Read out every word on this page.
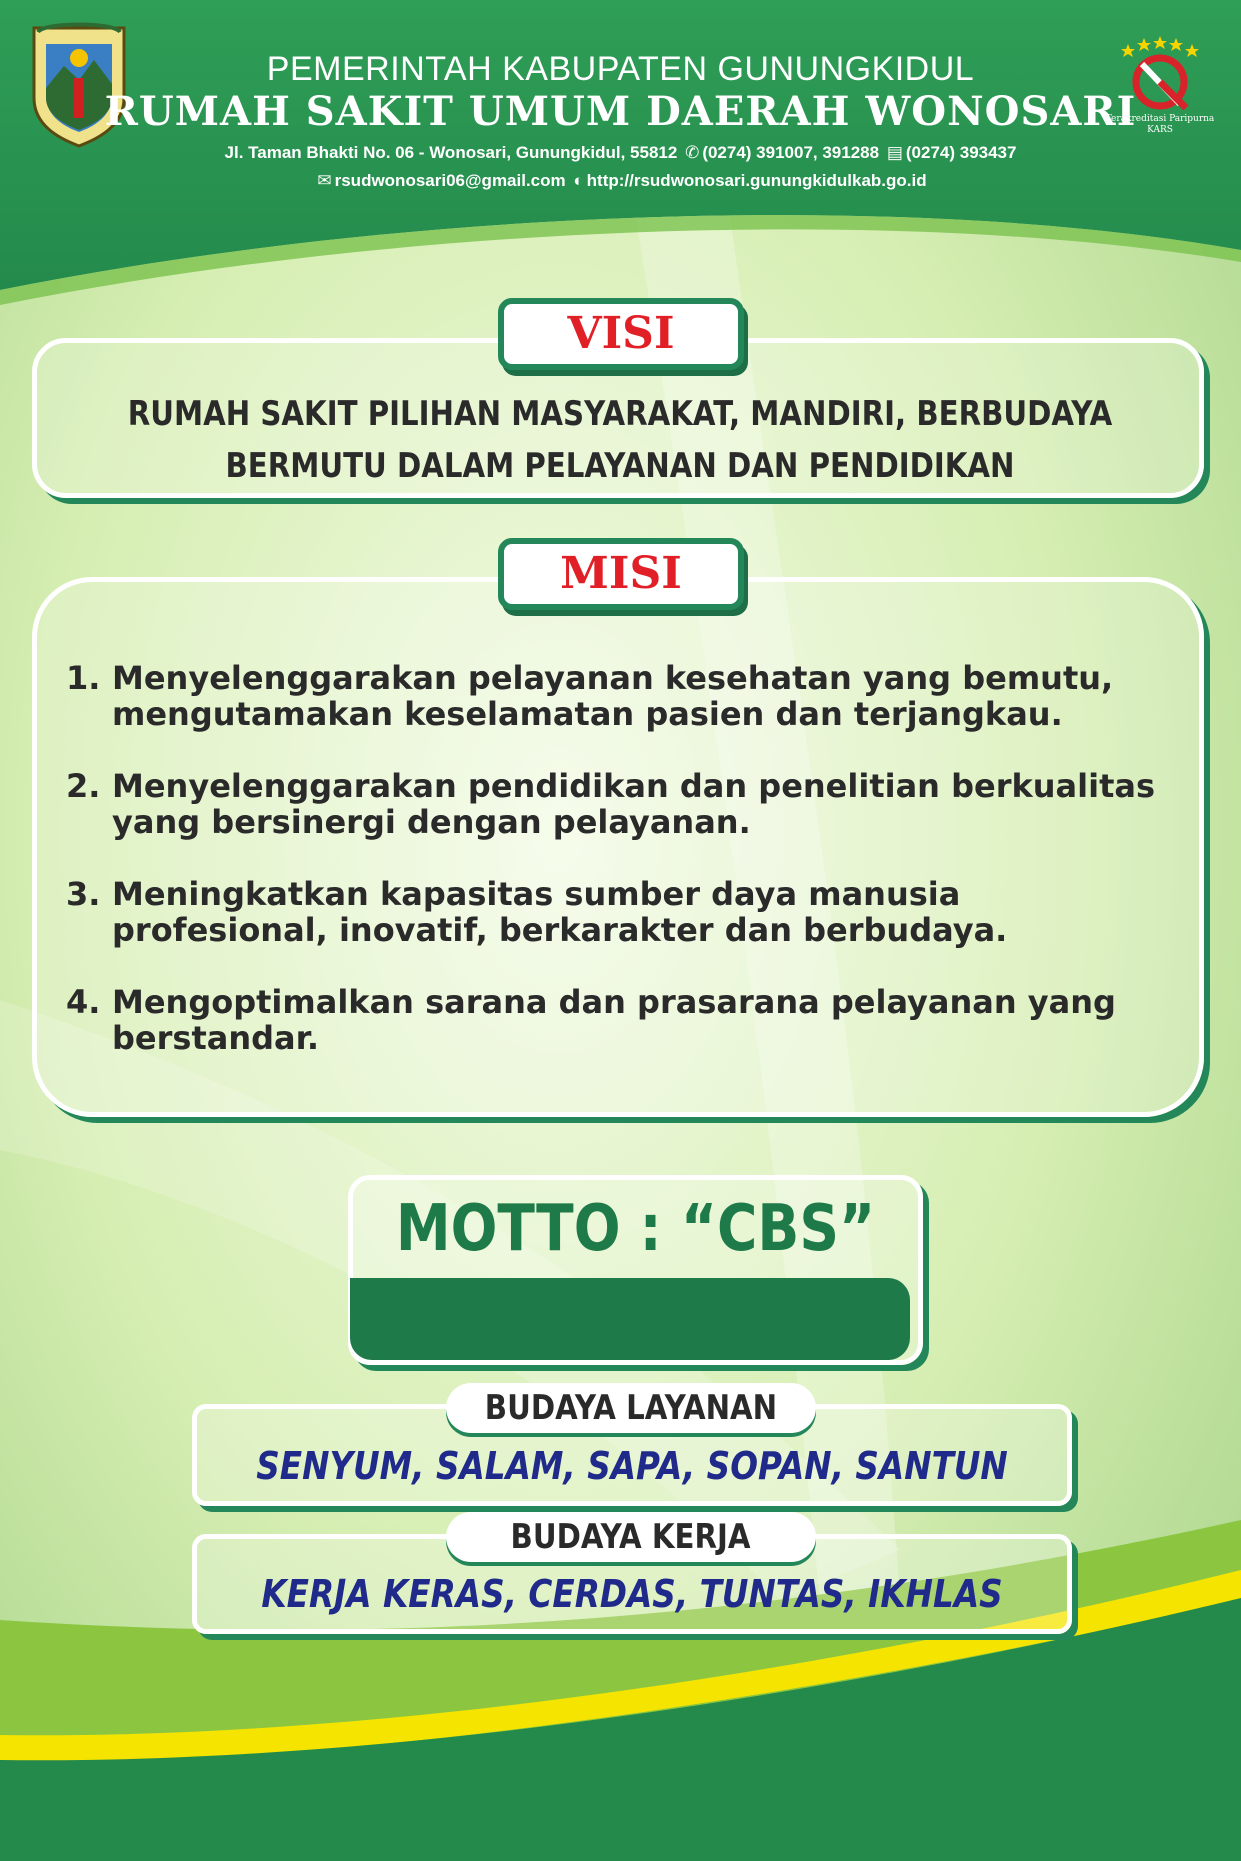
Terakreditasi Paripurna
KARS
PEMERINTAH KABUPATEN GUNUNGKIDUL
RUMAH SAKIT UMUM DAERAH WONOSARI
Jl. Taman Bhakti No. 06 - Wonosari, Gunungkidul, 55812 ✆ (0274) 391007, 391288 ▤ (0274) 393437
✉ rsudwonosari06@gmail.com ◐ http://rsudwonosari.gunungkidulkab.go.id
VISI
RUMAH SAKIT PILIHAN MASYARAKAT, MANDIRI, BERBUDAYA
BERMUTU DALAM PELAYANAN DAN PENDIDIKAN
MISI
1. Menyelenggarakan pelayanan kesehatan yang bemutu, mengutamakan keselamatan pasien dan terjangkau.
2. Menyelenggarakan pendidikan dan penelitian berkualitas yang bersinergi dengan pelayanan.
3. Meningkatkan kapasitas sumber daya manusia profesional, inovatif, berkarakter dan berbudaya.
4. Mengoptimalkan sarana dan prasarana pelayanan yang berstandar.
MOTTO : “CBS”
BUDAYA LAYANAN
SENYUM, SALAM, SAPA, SOPAN, SANTUN
BUDAYA KERJA
KERJA KERAS, CERDAS, TUNTAS, IKHLAS
